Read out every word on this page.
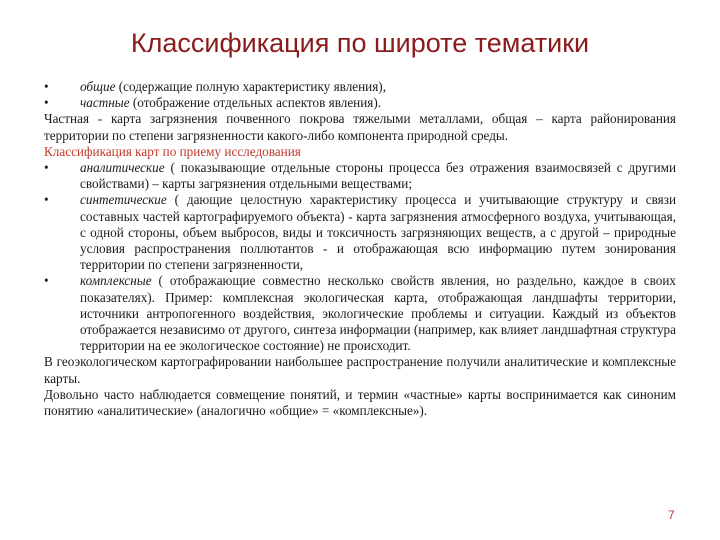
Классификация по широте тематики
• общие (содержащие полную характеристику явления),
• частные (отображение отдельных аспектов явления).

Частная - карта загрязнения почвенного покрова тяжелыми металлами, общая – карта районирования территории по степени загрязненности какого-либо компонента природной среды.

Классификация карт по приему исследования

• аналитические ( показывающие отдельные стороны процесса без отражения взаимосвязей с другими свойствами) – карты загрязнения отдельными веществами;
• синтетические ( дающие целостную характеристику процесса и учитывающие структуру и связи составных частей картографируемого объекта) - карта загрязнения атмосферного воздуха, учитывающая, с одной стороны, объем выбросов, виды и токсичность загрязняющих веществ, а с другой – природные условия распространения поллютантов - и отображающая всю информацию путем зонирования территории по степени загрязненности,
• комплексные ( отображающие совместно несколько свойств явления, но раздельно, каждое в своих показателях). Пример: комплексная экологическая карта, отображающая ландшафты территории, источники антропогенного воздействия, экологические проблемы и ситуации. Каждый из объектов отображается независимо от другого, синтеза информации (например, как влияет ландшафтная структура территории на ее экологическое состояние) не происходит.

В геоэкологическом картографировании наибольшее распространение получили аналитические и комплексные карты.

Довольно часто наблюдается совмещение понятий, и термин «частные» карты воспринимается как синоним понятию «аналитические» (аналогично «общие» = «комплексные»).

7
